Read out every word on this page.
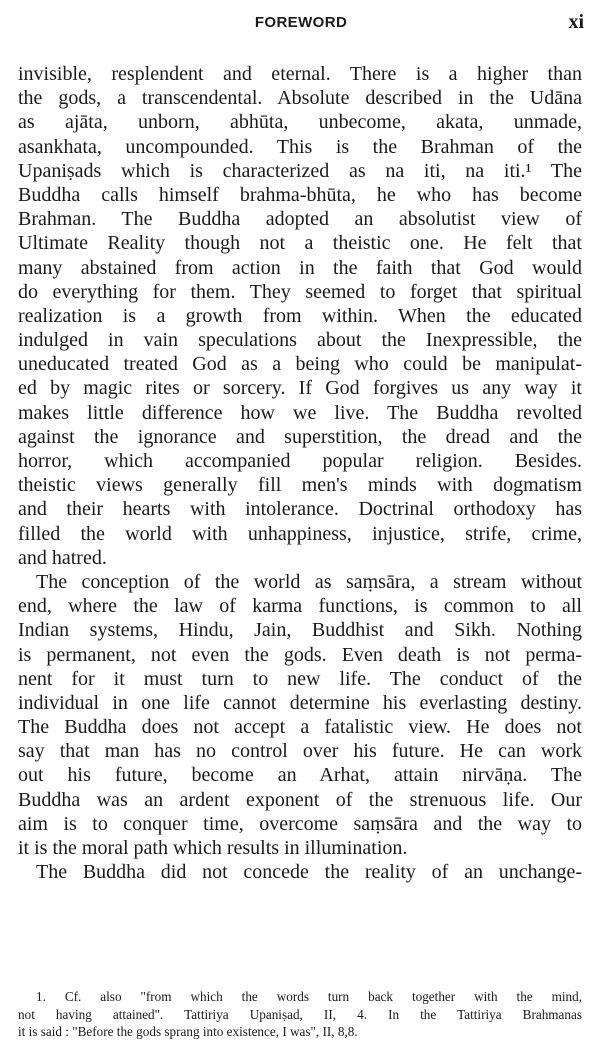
FOREWORD	xi
invisible, resplendent and eternal. There is a higher than
the gods, a transcendental. Absolute described in the Udāna
as ajāta, unborn, abhūta, unbecome, akata, unmade,
asankhata, uncompounded. This is the Brahman of the
Upaniṣads which is characterized as na iti, na iti.¹ The
Buddha calls himself brahma-bhūta, he who has become
Brahman. The Buddha adopted an absolutist view of
Ultimate Reality though not a theistic one. He felt that
many abstained from action in the faith that God would
do everything for them. They seemed to forget that spiritual
realization is a growth from within. When the educated
indulged in vain speculations about the Inexpressible, the
uneducated treated God as a being who could be manipulat-
ed by magic rites or sorcery. If God forgives us any way it
makes little difference how we live. The Buddha revolted
against the ignorance and superstition, the dread and the
horror, which accompanied popular religion. Besides.
theistic views generally fill men's minds with dogmatism
and their hearts with intolerance. Doctrinal orthodoxy has
filled the world with unhappiness, injustice, strife, crime,
and hatred.
The conception of the world as saṃsāra, a stream without
end, where the law of karma functions, is common to all
Indian systems, Hindu, Jain, Buddhist and Sikh. Nothing
is permanent, not even the gods. Even death is not perma-
nent for it must turn to new life. The conduct of the
individual in one life cannot determine his everlasting destiny.
The Buddha does not accept a fatalistic view. He does not
say that man has no control over his future. He can work
out his future, become an Arhat, attain nirvāṇa. The
Buddha was an ardent exponent of the strenuous life. Our
aim is to conquer time, overcome saṃsāra and the way to
it is the moral path which results in illumination.
The Buddha did not concede the reality of an unchange-
1. Cf. also "from which the words turn back together with the mind,
not having attained". Tattiriya Upaniṣad, II, 4. In the Tattiriya Brahmanas
it is said : "Before the gods sprang into existence, I was", II, 8,8.
